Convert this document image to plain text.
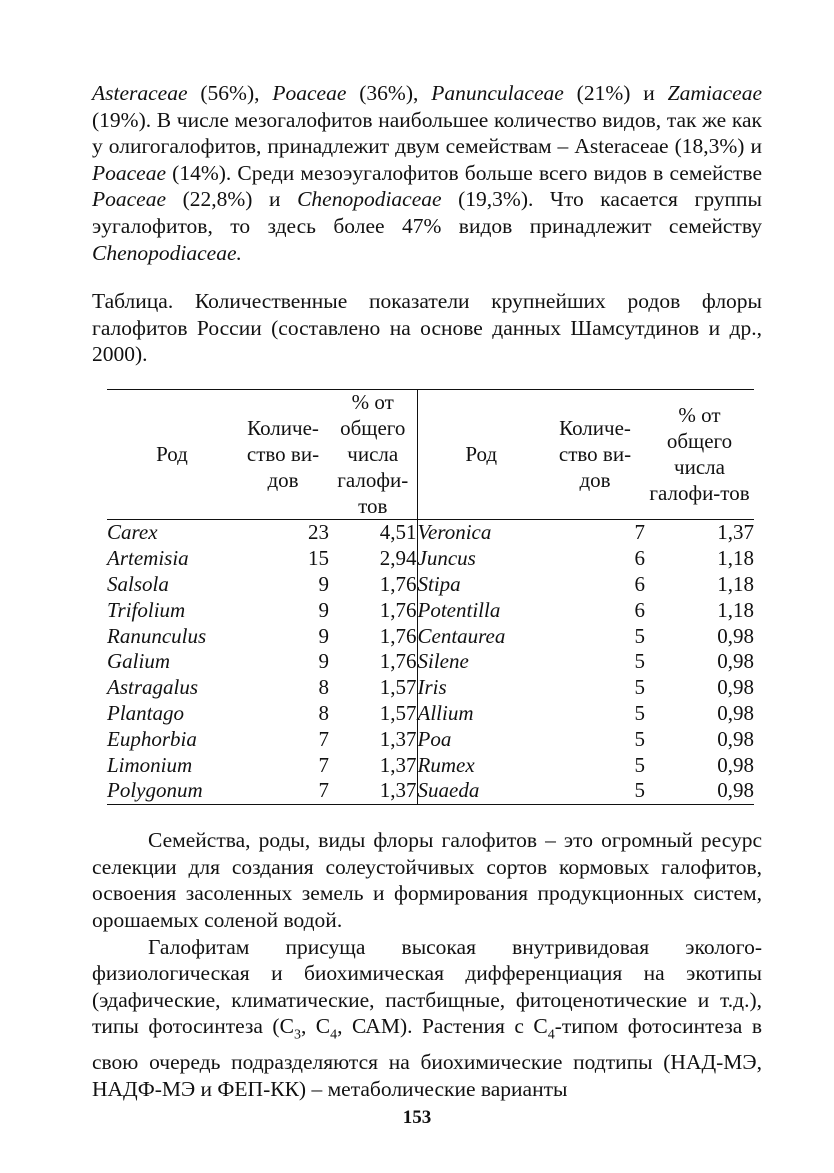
Asteraceae (56%), Poaceae (36%), Panunculaceae (21%) и Zamiaceae (19%). В числе мезогалофитов наибольшее количество видов, так же как у олигогалофитов, принадлежит двум семействам – Asteraceae (18,3%) и Poaceae (14%). Среди мезоэугалофитов больше всего видов в семействе Poaceae (22,8%) и Chenopodiaceae (19,3%). Что касается группы эугалофитов, то здесь более 47% видов принадлежит семейству Chenopodiaceae.

Таблица. Количественные показатели крупнейших родов флоры галофитов России (составлено на основе данных Шамсутдинов и др., 2000).

Род	Количе-ство ви-дов	% от общего числа галофи-тов	Род	Количе-ство ви-дов	% от общего числа галофи-тов
Carex	23	4,51	Veronica	7	1,37
Artemisia	15	2,94	Juncus	6	1,18
Salsola	9	1,76	Stipa	6	1,18
Trifolium	9	1,76	Potentilla	6	1,18
Ranunculus	9	1,76	Centaurea	5	0,98
Galium	9	1,76	Silene	5	0,98
Astragalus	8	1,57	Iris	5	0,98
Plantago	8	1,57	Allium	5	0,98
Euphorbia	7	1,37	Poa	5	0,98
Limonium	7	1,37	Rumex	5	0,98
Polygonum	7	1,37	Suaeda	5	0,98

Семейства, роды, виды флоры галофитов – это огромный ресурс селекции для создания солеустойчивых сортов кормовых галофитов, освоения засоленных земель и формирования продукционных систем, орошаемых соленой водой.

Галофитам присуща высокая внутривидовая эколого-физиологическая и биохимическая дифференциация на экотипы (эдафические, климатические, пастбищные, фитоценотические и т.д.), типы фотосинтеза ($С_3$, $С_4$, САМ). Растения с $С_4$-типом фотосинтеза в свою очередь подразделяются на биохимические подтипы (НАД-МЭ, НАДФ-МЭ и ФЕП-КК) – метаболические варианты

153
